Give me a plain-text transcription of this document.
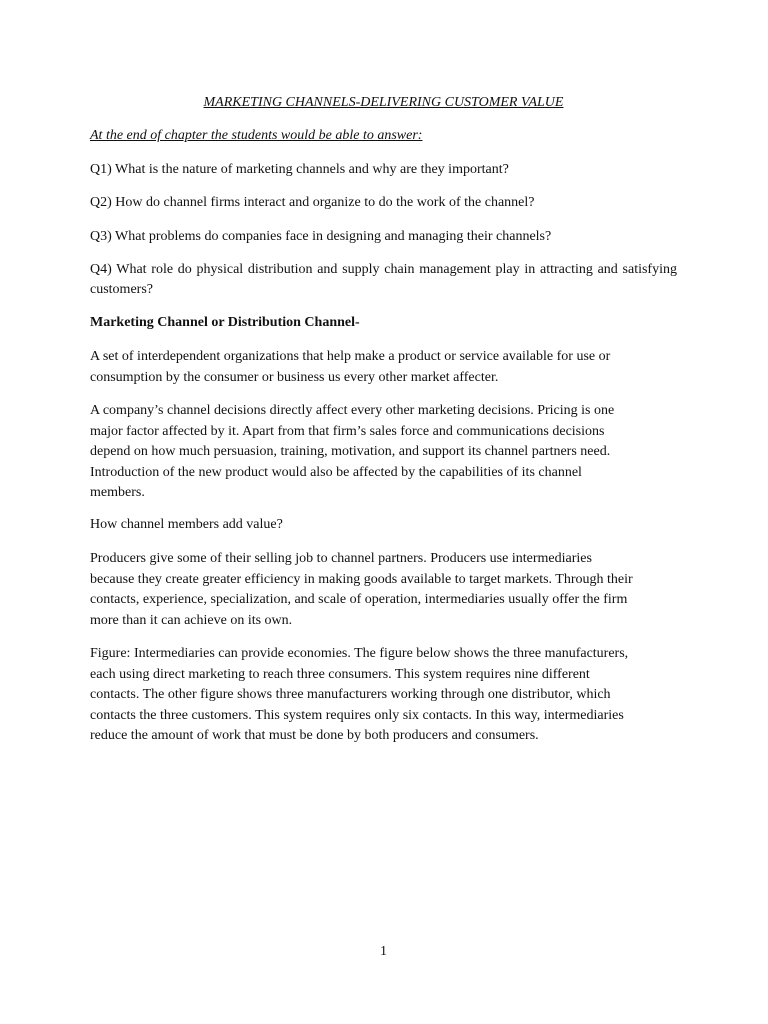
MARKETING CHANNELS-DELIVERING CUSTOMER VALUE
At the end of chapter the students would be able to answer:
Q1) What is the nature of marketing channels and why are they important?
Q2) How do channel firms interact and organize to do the work of the channel?
Q3) What problems do companies face in designing and managing their channels?
Q4) What role do physical distribution and supply chain management play in attracting and satisfying customers?
Marketing Channel or Distribution Channel-
A set of interdependent organizations that help make a product or service available for use or
consumption by the consumer or business us every other market affecter.
A company’s channel decisions directly affect every other marketing decisions. Pricing is one
major factor affected by it. Apart from that firm’s sales force and communications decisions
depend on how much persuasion, training, motivation, and support its channel partners need.
Introduction of the new product would also be affected by the capabilities of its channel
members.
How channel members add value?
Producers give some of their selling job to channel partners. Producers use intermediaries
because they create greater efficiency in making goods available to target markets. Through their
contacts, experience, specialization, and scale of operation, intermediaries usually offer the firm
more than it can achieve on its own.
Figure: Intermediaries can provide economies. The figure below shows the three manufacturers,
each using direct marketing to reach three consumers. This system requires nine different
contacts. The other figure shows three manufacturers working through one distributor, which
contacts the three customers. This system requires only six contacts. In this way, intermediaries
reduce the amount of work that must be done by both producers and consumers.
1
